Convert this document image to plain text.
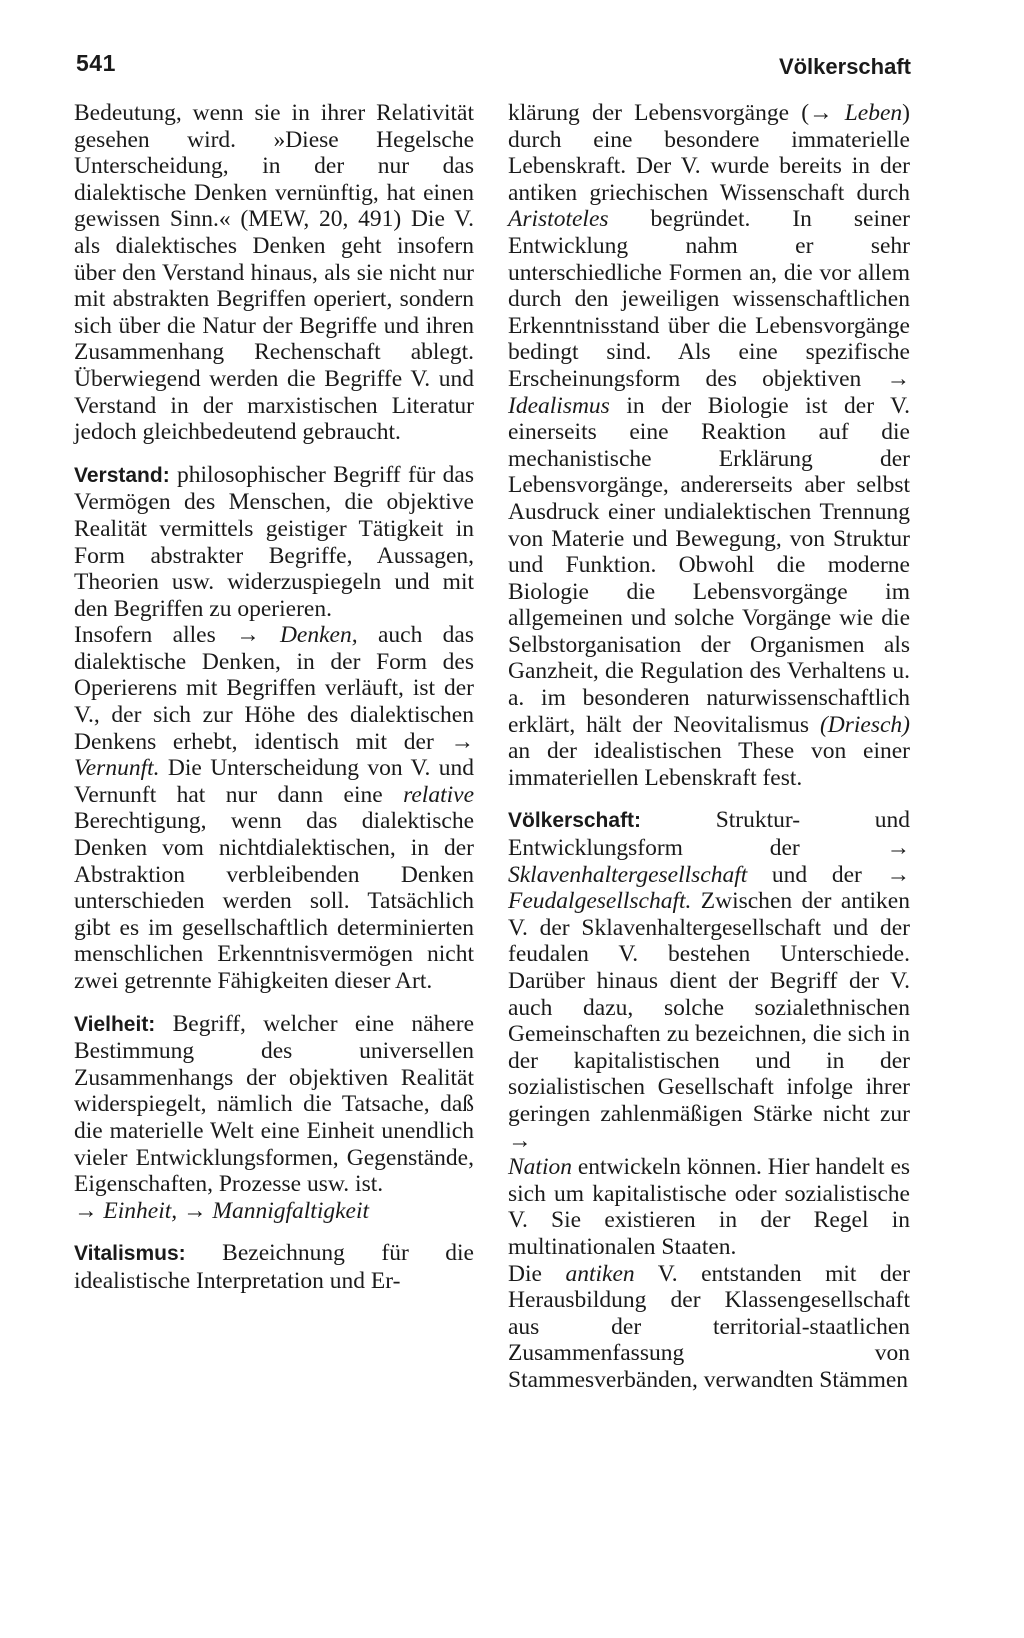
541	Völkerschaft

Bedeutung, wenn sie in ihrer Relativität gesehen wird. »Diese Hegelsche Unterscheidung, in der nur das dialektische Denken vernünftig, hat einen gewissen Sinn.« (MEW, 20, 491) Die V. als dialektisches Denken geht insofern über den Verstand hinaus, als sie nicht nur mit abstrakten Begriffen operiert, sondern sich über die Natur der Begriffe und ihren Zusammenhang Rechenschaft ablegt. Überwiegend werden die Begriffe V. und Verstand in der marxistischen Literatur jedoch gleichbedeutend gebraucht.

Verstand: philosophischer Begriff für das Vermögen des Menschen, die objektive Realität vermittels geistiger Tätigkeit in Form abstrakter Begriffe, Aussagen, Theorien usw. widerzuspiegeln und mit den Begriffen zu operieren.

Insofern alles → Denken, auch das dialektische Denken, in der Form des Operierens mit Begriffen verläuft, ist der V., der sich zur Höhe des dialektischen Denkens erhebt, identisch mit der → Vernunft. Die Unterscheidung von V. und Vernunft hat nur dann eine relative Berechtigung, wenn das dialektische Denken vom nichtdialektischen, in der Abstraktion verbleibenden Denken unterschieden werden soll. Tatsächlich gibt es im gesellschaftlich determinierten menschlichen Erkenntnisvermögen nicht zwei getrennte Fähigkeiten dieser Art.

Vielheit: Begriff, welcher eine nähere Bestimmung des universellen Zusammenhangs der objektiven Realität widerspiegelt, nämlich die Tatsache, daß die materielle Welt eine Einheit unendlich vieler Entwicklungsformen, Gegenstände, Eigenschaften, Prozesse usw. ist.
→ Einheit, → Mannigfaltigkeit

Vitalismus: Bezeichnung für die idealistische Interpretation und Er-

klärung der Lebensvorgänge (→ Leben) durch eine besondere immaterielle Lebenskraft. Der V. wurde bereits in der antiken griechischen Wissenschaft durch Aristoteles begründet. In seiner Entwicklung nahm er sehr unterschiedliche Formen an, die vor allem durch den jeweiligen wissenschaftlichen Erkenntnisstand über die Lebensvorgänge bedingt sind. Als eine spezifische Erscheinungsform des objektiven → Idealismus in der Biologie ist der V. einerseits eine Reaktion auf die mechanistische Erklärung der Lebensvorgänge, andererseits aber selbst Ausdruck einer undialektischen Trennung von Materie und Bewegung, von Struktur und Funktion. Obwohl die moderne Biologie die Lebensvorgänge im allgemeinen und solche Vorgänge wie die Selbstorganisation der Organismen als Ganzheit, die Regulation des Verhaltens u. a. im besonderen naturwissenschaftlich erklärt, hält der Neovitalismus (Driesch) an der idealistischen These von einer immateriellen Lebenskraft fest.

Völkerschaft: Struktur- und Entwicklungsform der → Sklavenhaltergesellschaft und der → Feudalgesellschaft. Zwischen der antiken V. der Sklavenhaltergesellschaft und der feudalen V. bestehen Unterschiede. Darüber hinaus dient der Begriff der V. auch dazu, solche sozialethnischen Gemeinschaften zu bezeichnen, die sich in der kapitalistischen und in der sozialistischen Gesellschaft infolge ihrer geringen zahlenmäßigen Stärke nicht zur →
Nation entwickeln können. Hier handelt es sich um kapitalistische oder sozialistische V. Sie existieren in der Regel in multinationalen Staaten.

Die antiken V. entstanden mit der Herausbildung der Klassengesellschaft aus der territorial-staatlichen Zusammenfassung von Stammesverbänden, verwandten Stämmen
